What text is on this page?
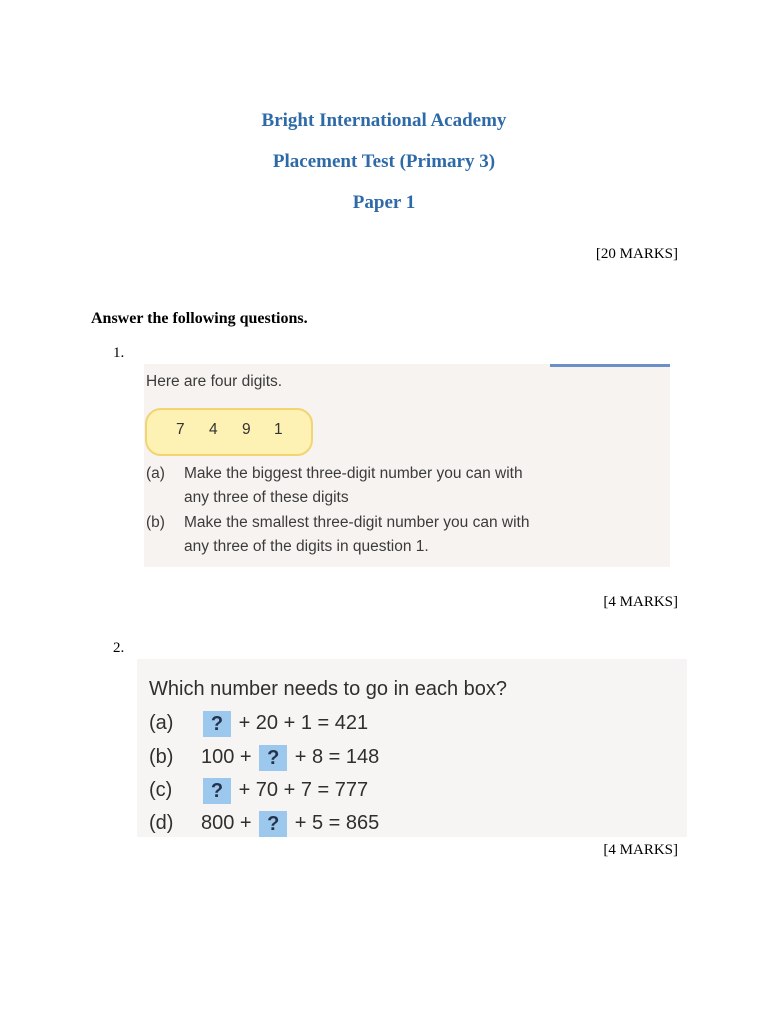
Bright International Academy
Placement Test (Primary 3)
Paper 1
[20 MARKS]
Answer the following questions.
1.
Here are four digits.
7 4 9 1
(a) Make the biggest three-digit number you can with
any three of these digits
(b) Make the smallest three-digit number you can with
any three of the digits in question 1.
[4 MARKS]
2.
Which number needs to go in each box?
(a) ? + 20 + 1 = 421
(b) 100 + ? + 8 = 148
(c) ? + 70 + 7 = 777
(d) 800 + ? + 5 = 865
[4 MARKS]
